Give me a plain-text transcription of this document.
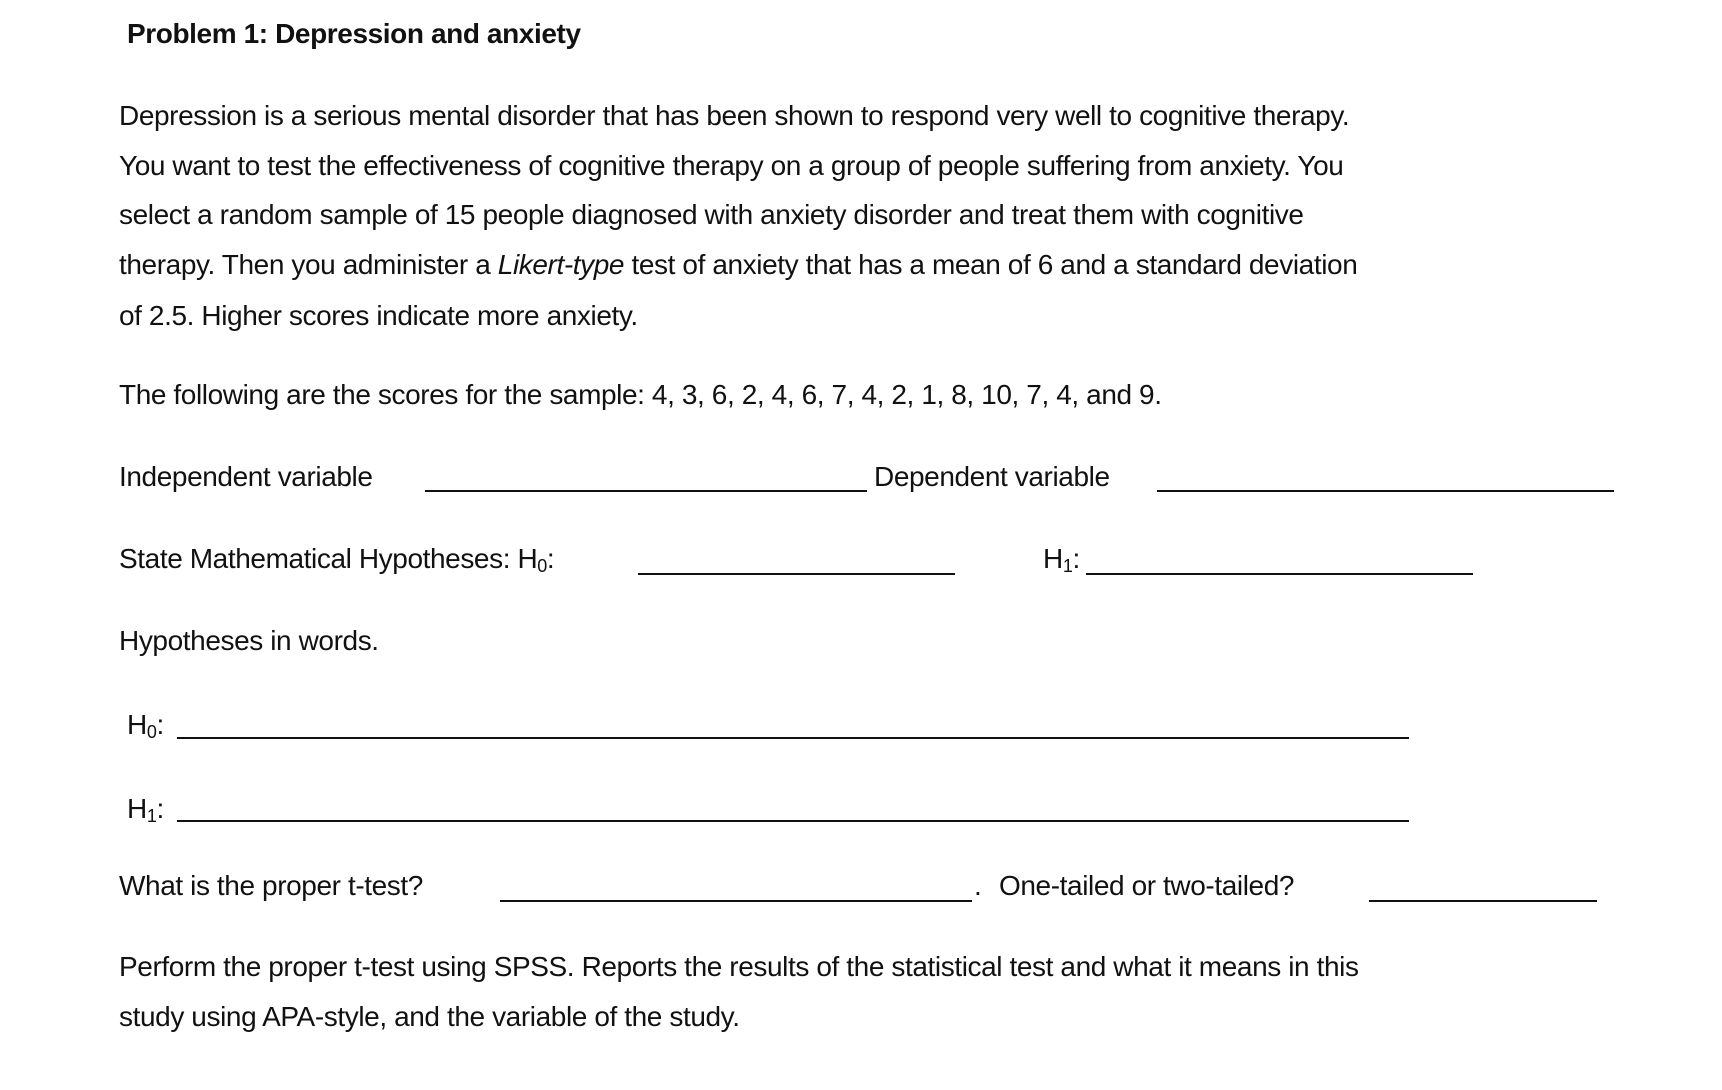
Problem 1: Depression and anxiety
Depression is a serious mental disorder that has been shown to respond very well to cognitive therapy.
You want to test the effectiveness of cognitive therapy on a group of people suffering from anxiety. You
select a random sample of 15 people diagnosed with anxiety disorder and treat them with cognitive
therapy. Then you administer a Likert-type test of anxiety that has a mean of 6 and a standard deviation
of 2.5. Higher scores indicate more anxiety.
The following are the scores for the sample: 4, 3, 6, 2, 4, 6, 7, 4, 2, 1, 8, 10, 7, 4, and 9.
Independent variable	Dependent variable
State Mathematical Hypotheses: $H_0$:	$H_1$:
Hypotheses in words.
$H_0$:
$H_1$:
What is the proper t-test?	. One-tailed or two-tailed?
Perform the proper t-test using SPSS. Reports the results of the statistical test and what it means in this
study using APA-style, and the variable of the study.
